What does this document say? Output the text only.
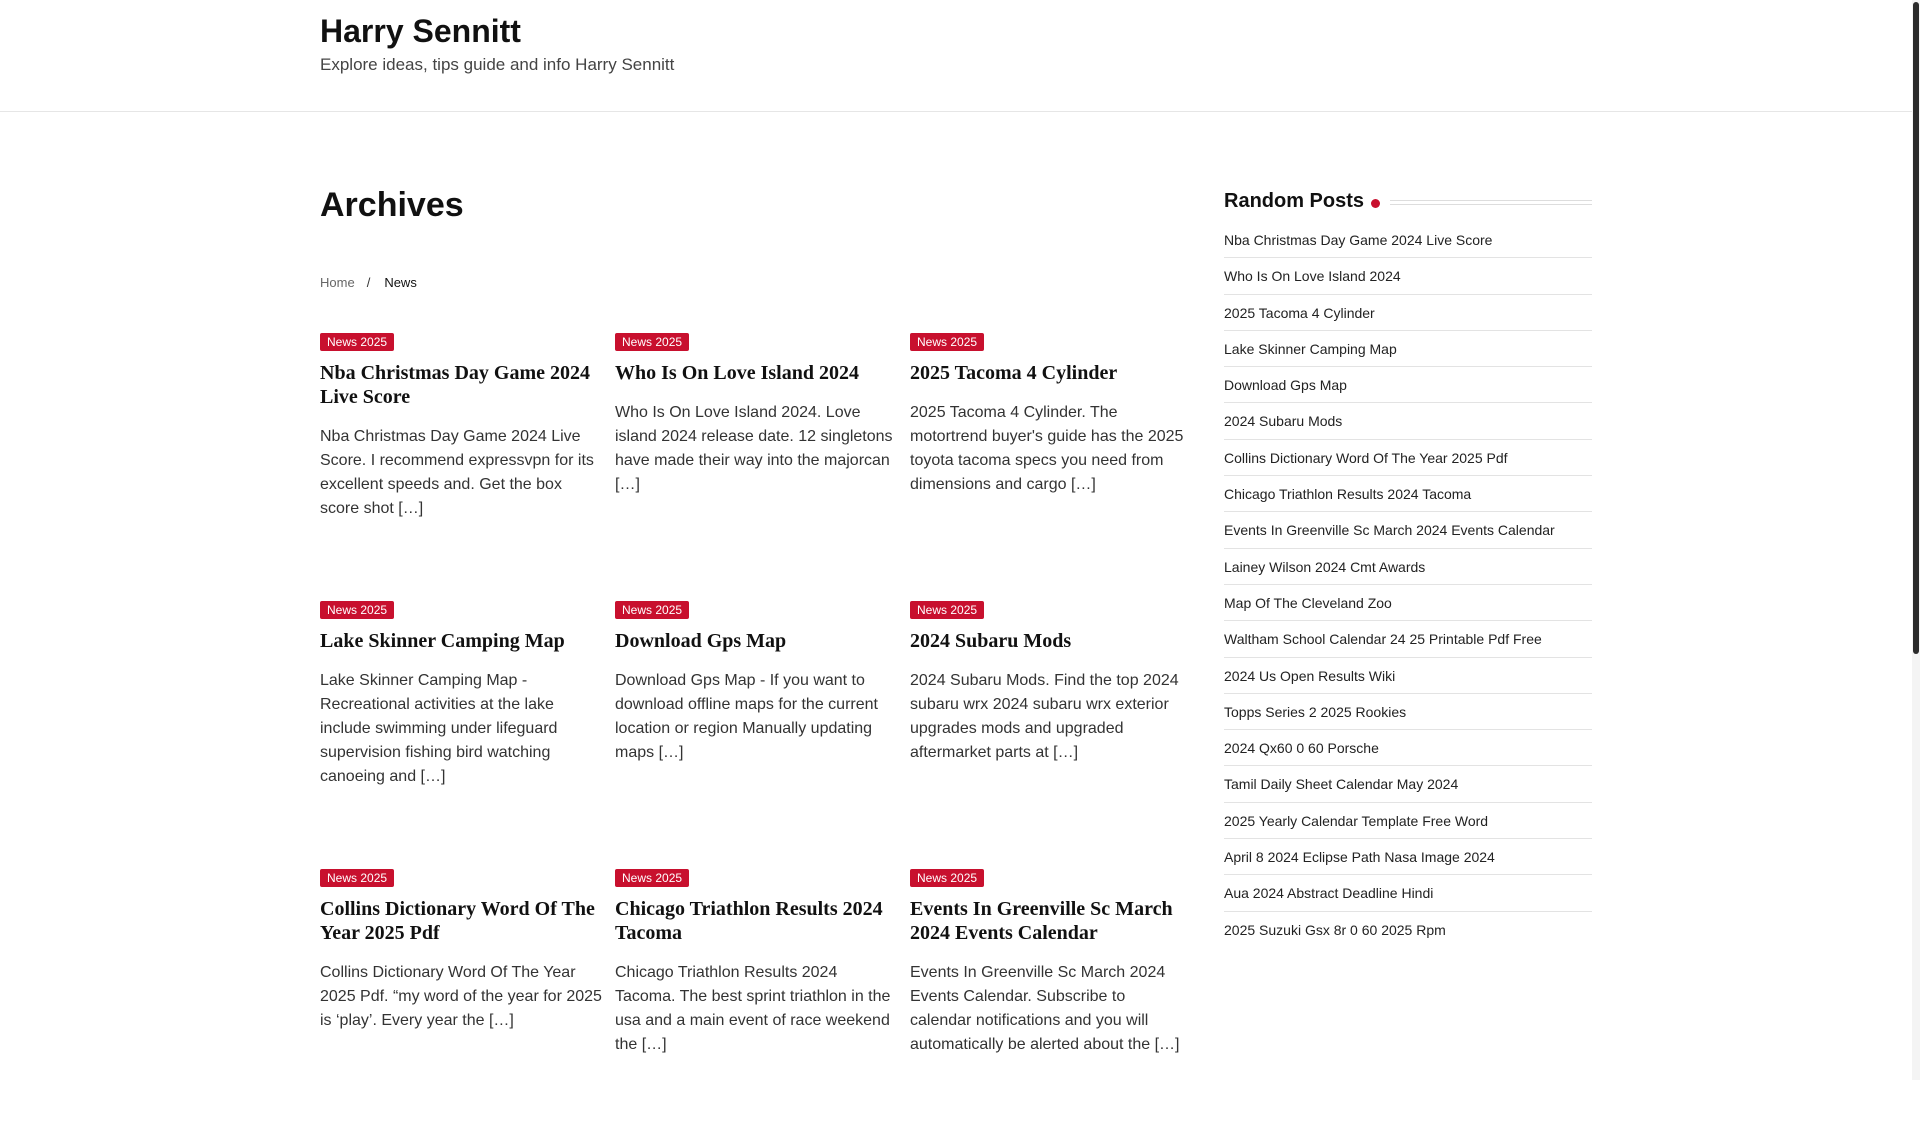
Harry Sennitt
Explore ideas, tips guide and info Harry Sennitt
Archives
Home / News
News 2025
Nba Christmas Day Game 2024 Live Score

Nba Christmas Day Game 2024 Live Score. I recommend expressvpn for its excellent speeds and. Get the box score shot […]

News 2025
Who Is On Love Island 2024

Who Is On Love Island 2024. Love island 2024 release date. 12 singletons have made their way into the majorcan […]

News 2025
2025 Tacoma 4 Cylinder

2025 Tacoma 4 Cylinder. The motortrend buyer's guide has the 2025 toyota tacoma specs you need from dimensions and cargo […]

News 2025
Lake Skinner Camping Map

Lake Skinner Camping Map - Recreational activities at the lake include swimming under lifeguard supervision fishing bird watching canoeing and […]

News 2025
Download Gps Map

Download Gps Map - If you want to download offline maps for the current location or region Manually updating maps […]

News 2025
2024 Subaru Mods

2024 Subaru Mods. Find the top 2024 subaru wrx 2024 subaru wrx exterior upgrades mods and upgraded aftermarket parts at […]

News 2025
Collins Dictionary Word Of The Year 2025 Pdf

Collins Dictionary Word Of The Year 2025 Pdf. “my word of the year for 2025 is ‘play’. Every year the […]

News 2025
Chicago Triathlon Results 2024 Tacoma

Chicago Triathlon Results 2024 Tacoma. The best sprint triathlon in the usa and a main event of race weekend the […]

News 2025
Events In Greenville Sc March 2024 Events Calendar

Events In Greenville Sc March 2024 Events Calendar. Subscribe to calendar notifications and you will automatically be alerted about the […]

Random Posts
Nba Christmas Day Game 2024 Live Score
Who Is On Love Island 2024
2025 Tacoma 4 Cylinder
Lake Skinner Camping Map
Download Gps Map
2024 Subaru Mods
Collins Dictionary Word Of The Year 2025 Pdf
Chicago Triathlon Results 2024 Tacoma
Events In Greenville Sc March 2024 Events Calendar
Lainey Wilson 2024 Cmt Awards
Map Of The Cleveland Zoo
Waltham School Calendar 24 25 Printable Pdf Free
2024 Us Open Results Wiki
Topps Series 2 2025 Rookies
2024 Qx60 0 60 Porsche
Tamil Daily Sheet Calendar May 2024
2025 Yearly Calendar Template Free Word
April 8 2024 Eclipse Path Nasa Image 2024
Aua 2024 Abstract Deadline Hindi
2025 Suzuki Gsx 8r 0 60 2025 Rpm
